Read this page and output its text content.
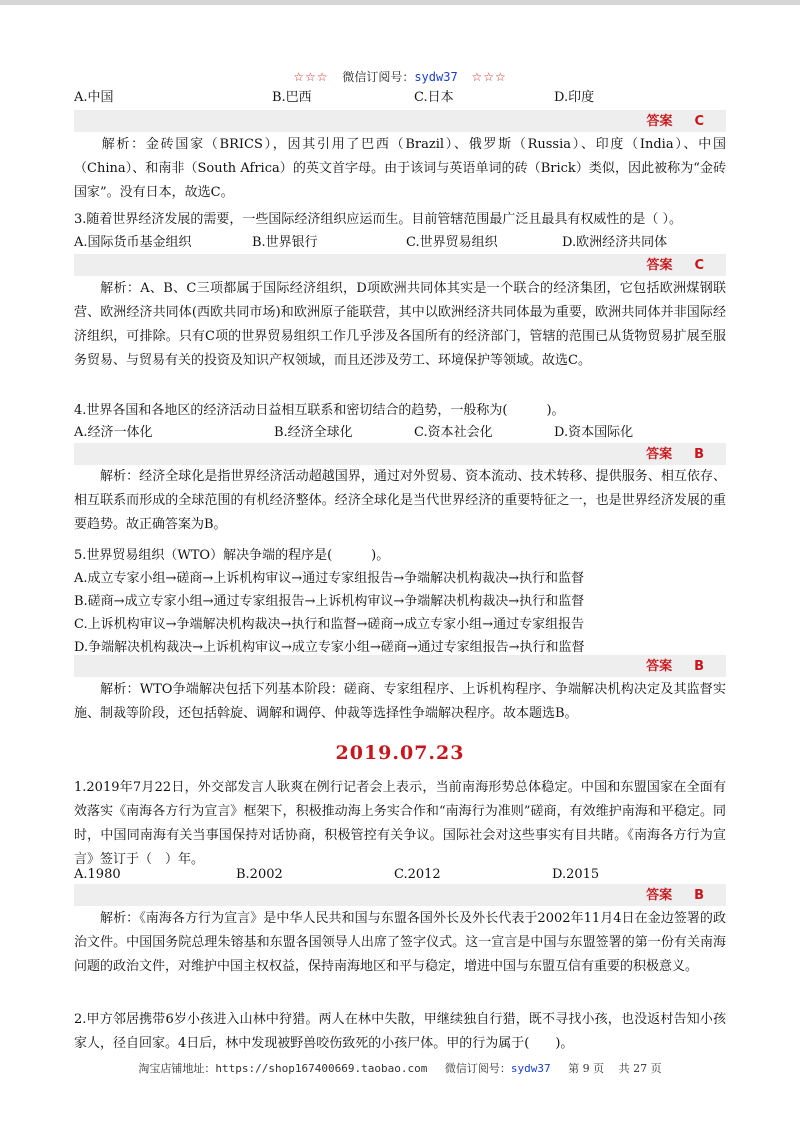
☆☆☆ 微信订阅号：sydw37 ☆☆☆
A.中国	B.巴西	C.日本	D.印度
答案 C
解析：金砖国家（BRICS），因其引用了巴西（Brazil）、俄罗斯（Russia）、印度（India）、中国（China）、和南非（South Africa）的英文首字母。由于该词与英语单词的砖（Brick）类似，因此被称为“金砖国家”。没有日本，故选C。
3.随着世界经济发展的需要，一些国际经济组织应运而生。目前管辖范围最广泛且最具有权威性的是（ ）。
A.国际货币基金组织	B.世界银行	C.世界贸易组织	D.欧洲经济共同体
答案 C
解析：A、B、C三项都属于国际经济组织，D项欧洲共同体其实是一个联合的经济集团，它包括欧洲煤钢联营、欧洲经济共同体(西欧共同市场)和欧洲原子能联营，其中以欧洲经济共同体最为重要，欧洲共同体并非国际经济组织，可排除。只有C项的世界贸易组织工作几乎涉及各国所有的经济部门，管辖的范围已从货物贸易扩展至服务贸易、与贸易有关的投资及知识产权领域，而且还涉及劳工、环境保护等领域。故选C。
4.世界各国和各地区的经济活动日益相互联系和密切结合的趋势，一般称为(　　　)。
A.经济一体化	B.经济全球化	C.资本社会化	D.资本国际化
答案 B
解析：经济全球化是指世界经济活动超越国界，通过对外贸易、资本流动、技术转移、提供服务、相互依存、相互联系而形成的全球范围的有机经济整体。经济全球化是当代世界经济的重要特征之一，也是世界经济发展的重要趋势。故正确答案为B。
5.世界贸易组织（WTO）解决争端的程序是(　　　)。
A.成立专家小组→磋商→上诉机构审议→通过专家组报告→争端解决机构裁决→执行和监督
B.磋商→成立专家小组→通过专家组报告→上诉机构审议→争端解决机构裁决→执行和监督
C.上诉机构审议→争端解决机构裁决→执行和监督→磋商→成立专家小组→通过专家组报告
D.争端解决机构裁决→上诉机构审议→成立专家小组→磋商→通过专家组报告→执行和监督
答案 B
解析：WTO争端解决包括下列基本阶段：磋商、专家组程序、上诉机构程序、争端解决机构决定及其监督实施、制裁等阶段，还包括斡旋、调解和调停、仲裁等选择性争端解决程序。故本题选B。
2019.07.23
1.2019年7月22日，外交部发言人耿爽在例行记者会上表示，当前南海形势总体稳定。中国和东盟国家在全面有效落实《南海各方行为宣言》框架下，积极推动海上务实合作和“南海行为准则”磋商，有效维护南海和平稳定。同时，中国同南海有关当事国保持对话协商，积极管控有关争议。国际社会对这些事实有目共睹。《南海各方行为宣言》签订于（　）年。
A.1980	B.2002	C.2012	D.2015
答案 B
解析：《南海各方行为宣言》是中华人民共和国与东盟各国外长及外长代表于2002年11月4日在金边签署的政治文件。中国国务院总理朱镕基和东盟各国领导人出席了签字仪式。这一宣言是中国与东盟签署的第一份有关南海问题的政治文件，对维护中国主权权益，保持南海地区和平与稳定，增进中国与东盟互信有重要的积极意义。
2.甲方邻居携带6岁小孩进入山林中狩猎。两人在林中失散，甲继续独自行猎，既不寻找小孩，也没返村告知小孩家人，径自回家。4日后，林中发现被野兽咬伤致死的小孩尸体。甲的行为属于(　　)。
淘宝店铺地址：https://shop167400669.taobao.com 微信订阅号：sydw37 第 9 页　 共 27 页
